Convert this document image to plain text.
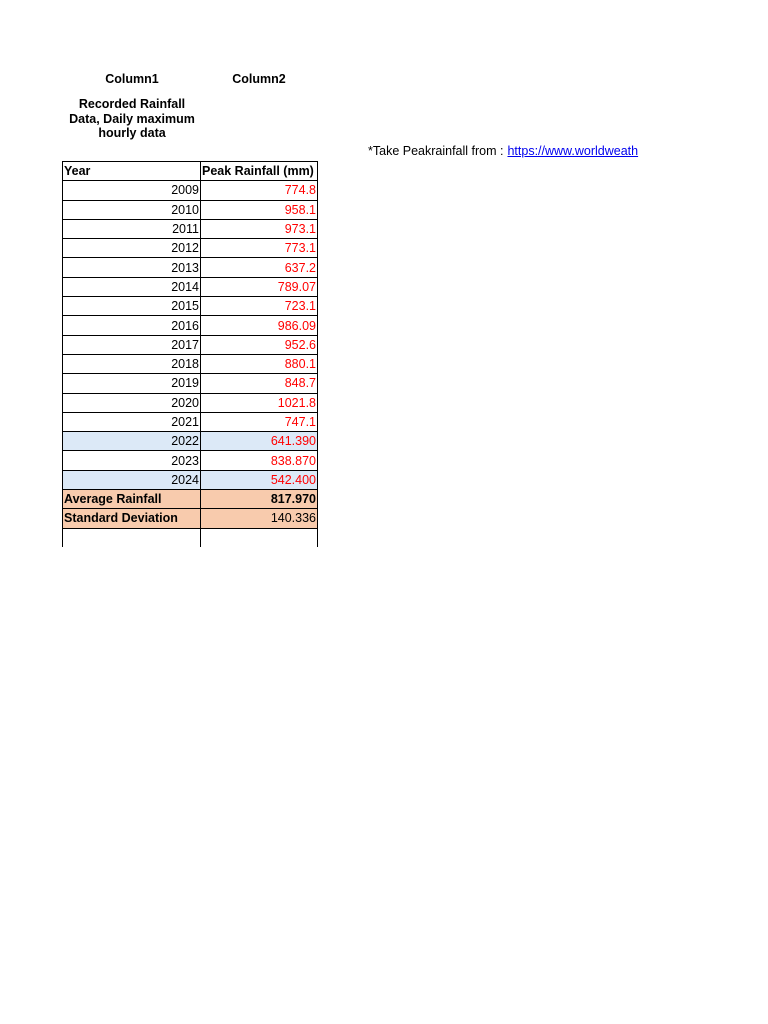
Column1	Column2
Recorded Rainfall Data, Daily maximum hourly data
*Take Peakrainfall from : https://www.worldweath
Year	Peak Rainfall (mm)
2009	774.8
2010	958.1
2011	973.1
2012	773.1
2013	637.2
2014	789.07
2015	723.1
2016	986.09
2017	952.6
2018	880.1
2019	848.7
2020	1021.8
2021	747.1
2022	641.390
2023	838.870
2024	542.400
Average Rainfall	817.970
Standard Deviation	140.336
